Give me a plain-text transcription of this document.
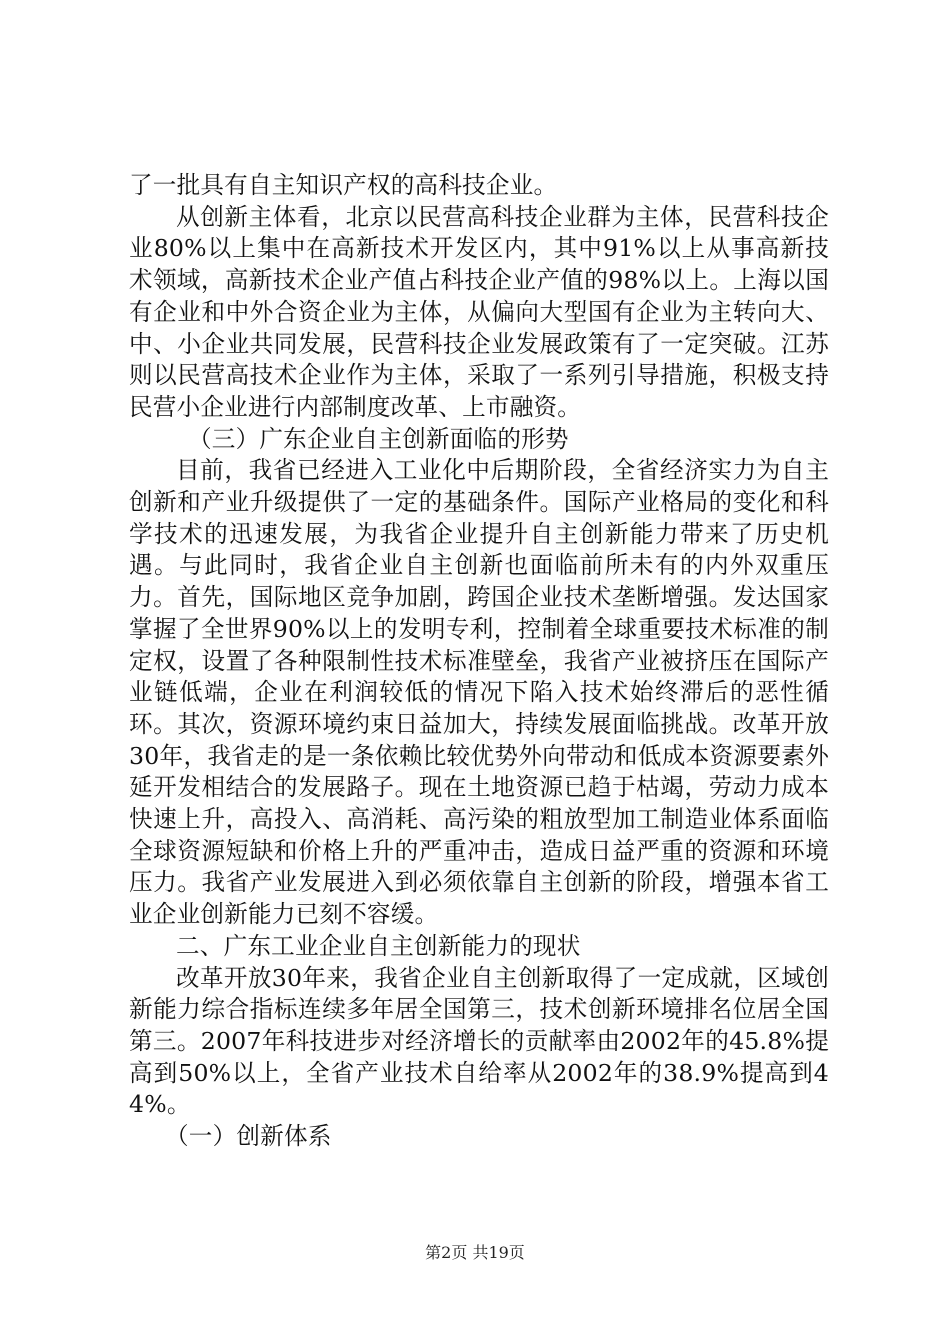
了一批具有自主知识产权的高科技企业。

从创新主体看，北京以民营高科技企业群为主体，民营科技企业80%以上集中在高新技术开发区内，其中91%以上从事高新技术领域，高新技术企业产值占科技企业产值的98%以上。上海以国有企业和中外合资企业为主体，从偏向大型国有企业为主转向大、中、小企业共同发展，民营科技企业发展政策有了一定突破。江苏则以民营高技术企业作为主体，采取了一系列引导措施，积极支持民营小企业进行内部制度改革、上市融资。

（三）广东企业自主创新面临的形势

目前，我省已经进入工业化中后期阶段，全省经济实力为自主创新和产业升级提供了一定的基础条件。国际产业格局的变化和科学技术的迅速发展，为我省企业提升自主创新能力带来了历史机遇。与此同时，我省企业自主创新也面临前所未有的内外双重压力。首先，国际地区竞争加剧，跨国企业技术垄断增强。发达国家掌握了全世界90%以上的发明专利，控制着全球重要技术标准的制定权，设置了各种限制性技术标准壁垒，我省产业被挤压在国际产业链低端，企业在利润较低的情况下陷入技术始终滞后的恶性循环。其次，资源环境约束日益加大，持续发展面临挑战。改革开放30年，我省走的是一条依赖比较优势外向带动和低成本资源要素外延开发相结合的发展路子。现在土地资源已趋于枯竭，劳动力成本快速上升，高投入、高消耗、高污染的粗放型加工制造业体系面临全球资源短缺和价格上升的严重冲击，造成日益严重的资源和环境压力。我省产业发展进入到必须依靠自主创新的阶段，增强本省工业企业创新能力已刻不容缓。

二、广东工业企业自主创新能力的现状

改革开放30年来，我省企业自主创新取得了一定成就，区域创新能力综合指标连续多年居全国第三，技术创新环境排名位居全国第三。2007年科技进步对经济增长的贡献率由2002年的45.8%提高到50%以上，全省产业技术自给率从2002年的38.9%提高到44%。

（一）创新体系

第2页 共19页
